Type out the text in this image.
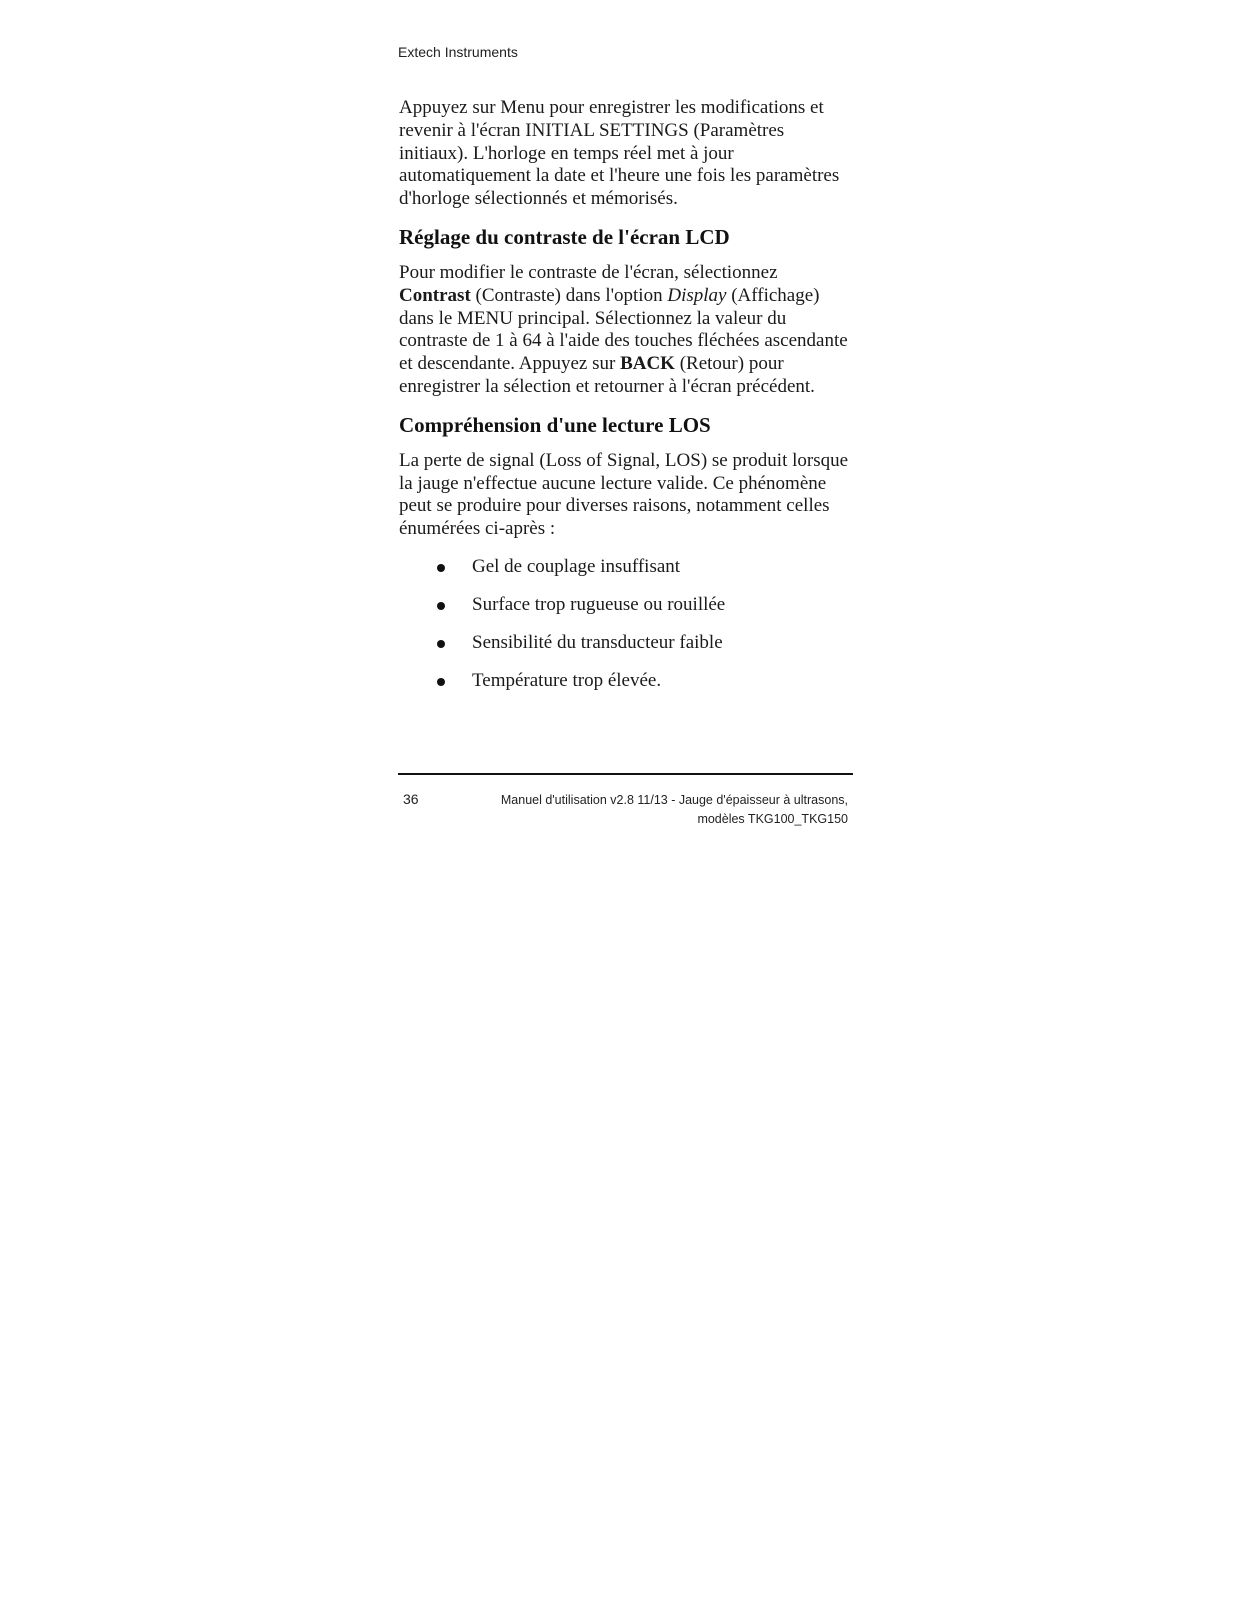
Extech Instruments

Appuyez sur Menu pour enregistrer les modifications et revenir à l'écran INITIAL SETTINGS (Paramètres initiaux). L'horloge en temps réel met à jour automatiquement la date et l'heure une fois les paramètres d'horloge sélectionnés et mémorisés.

Réglage du contraste de l'écran LCD

Pour modifier le contraste de l'écran, sélectionnez Contrast (Contraste) dans l'option Display (Affichage) dans le MENU principal. Sélectionnez la valeur du contraste de 1 à 64 à l'aide des touches fléchées ascendante et descendante. Appuyez sur BACK (Retour) pour enregistrer la sélection et retourner à l'écran précédent.

Compréhension d'une lecture LOS

La perte de signal (Loss of Signal, LOS) se produit lorsque la jauge n'effectue aucune lecture valide. Ce phénomène peut se produire pour diverses raisons, notamment celles énumérées ci-après :

Gel de couplage insuffisant
Surface trop rugueuse ou rouillée
Sensibilité du transducteur faible
Température trop élevée.
36	Manuel d'utilisation v2.8 11/13 - Jauge d'épaisseur à ultrasons,
modèles TKG100_TKG150
